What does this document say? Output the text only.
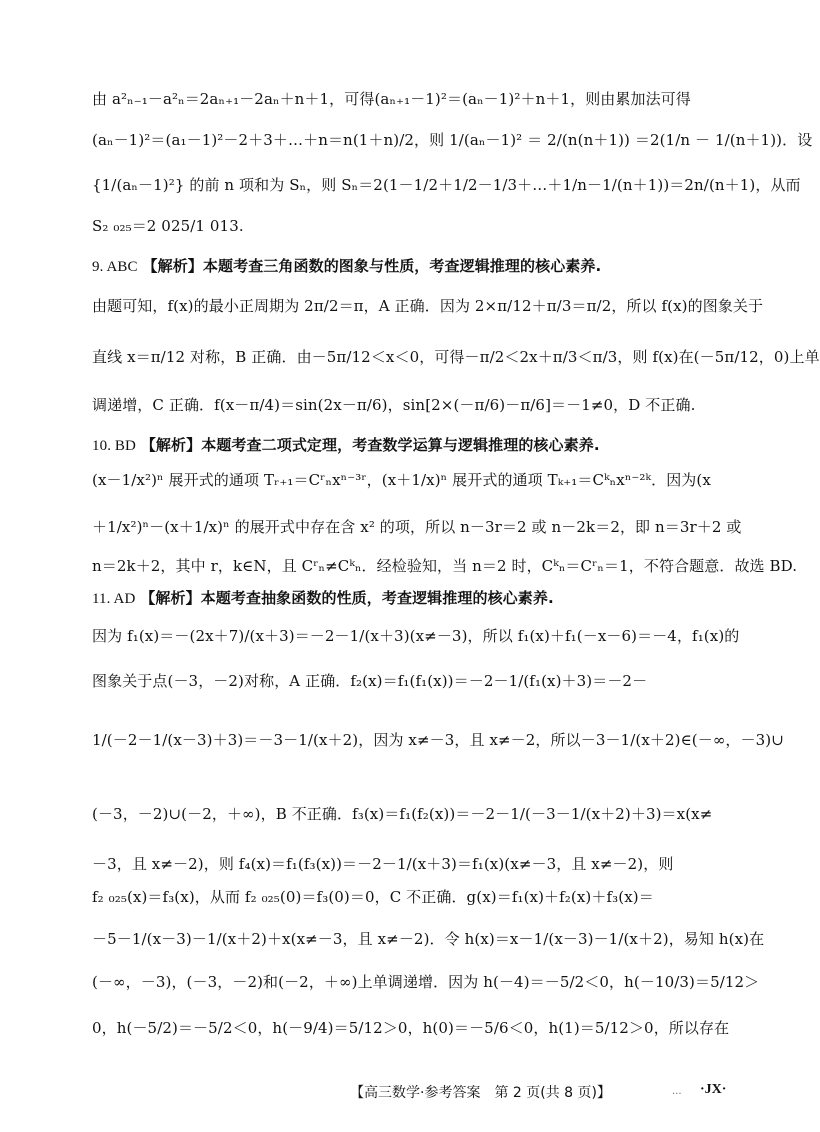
由 a²ₙ₋₁－a²ₙ＝2aₙ₊₁－2aₙ＋n＋1，可得(aₙ₊₁－1)²＝(aₙ－1)²＋n＋1，则由累加法可得
(aₙ－1)²＝(a₁－1)²－2＋3＋…＋n＝n(1＋n)/2，则 1/(aₙ－1)² ＝ 2/(n(n＋1)) ＝2(1/n － 1/(n＋1))．设
{1/(aₙ－1)²} 的前 n 项和为 Sₙ，则 Sₙ＝2(1－1/2＋1/2－1/3＋…＋1/n－1/(n＋1))＝2n/(n＋1)，从而
S₂ ₀₂₅＝2 025/1 013.
9. ABC 【解析】本题考查三角函数的图象与性质，考查逻辑推理的核心素养.
由题可知，f(x)的最小正周期为 2π/2＝π，A 正确．因为 2×π/12＋π/3＝π/2，所以 f(x)的图象关于
直线 x＝π/12 对称，B 正确．由－5π/12＜x＜0，可得－π/2＜2x＋π/3＜π/3，则 f(x)在(－5π/12，0)上单
调递增，C 正确．f(x－π/4)＝sin(2x－π/6)，sin[2×(－π/6)－π/6]＝－1≠0，D 不正确.
10. BD 【解析】本题考查二项式定理，考查数学运算与逻辑推理的核心素养.
(x－1/x²)ⁿ 展开式的通项 Tᵣ₊₁＝Cʳₙxⁿ⁻³ʳ，(x＋1/x)ⁿ 展开式的通项 Tₖ₊₁＝Cᵏₙxⁿ⁻²ᵏ．因为(x
＋1/x²)ⁿ－(x＋1/x)ⁿ 的展开式中存在含 x² 的项，所以 n－3r＝2 或 n－2k＝2，即 n＝3r＋2 或
n＝2k＋2，其中 r，k∈N，且 Cʳₙ≠Cᵏₙ．经检验知，当 n＝2 时，Cᵏₙ＝Cʳₙ＝1，不符合题意．故选 BD.
11. AD 【解析】本题考查抽象函数的性质，考查逻辑推理的核心素养.
因为 f₁(x)＝－(2x＋7)/(x＋3)＝－2－1/(x＋3)(x≠－3)，所以 f₁(x)＋f₁(－x－6)＝－4，f₁(x)的
图象关于点(－3，－2)对称，A 正确．f₂(x)＝f₁(f₁(x))＝－2－1/(f₁(x)＋3)＝－2－
1/(－2－1/(x－3)＋3)＝－3－1/(x＋2)，因为 x≠－3，且 x≠－2，所以－3－1/(x＋2)∈(－∞，－3)∪
(－3，－2)∪(－2，＋∞)，B 不正确．f₃(x)＝f₁(f₂(x))＝－2－1/(－3－1/(x＋2)＋3)＝x(x≠
－3，且 x≠－2)，则 f₄(x)＝f₁(f₃(x))＝－2－1/(x＋3)＝f₁(x)(x≠－3，且 x≠－2)，则
f₂ ₀₂₅(x)＝f₃(x)，从而 f₂ ₀₂₅(0)＝f₃(0)＝0，C 不正确．g(x)＝f₁(x)＋f₂(x)＋f₃(x)＝
－5－1/(x－3)－1/(x＋2)＋x(x≠－3，且 x≠－2)．令 h(x)＝x－1/(x－3)－1/(x＋2)，易知 h(x)在
(－∞，－3)，(－3，－2)和(－2，＋∞)上单调递增．因为 h(－4)＝－5/2＜0，h(－10/3)＝5/12＞
0，h(－5/2)＝－5/2＜0，h(－9/4)＝5/12＞0，h(0)＝－5/6＜0，h(1)＝5/12＞0，所以存在
【高三数学·参考答案　第 2 页(共 8 页)】	... ·JX·
